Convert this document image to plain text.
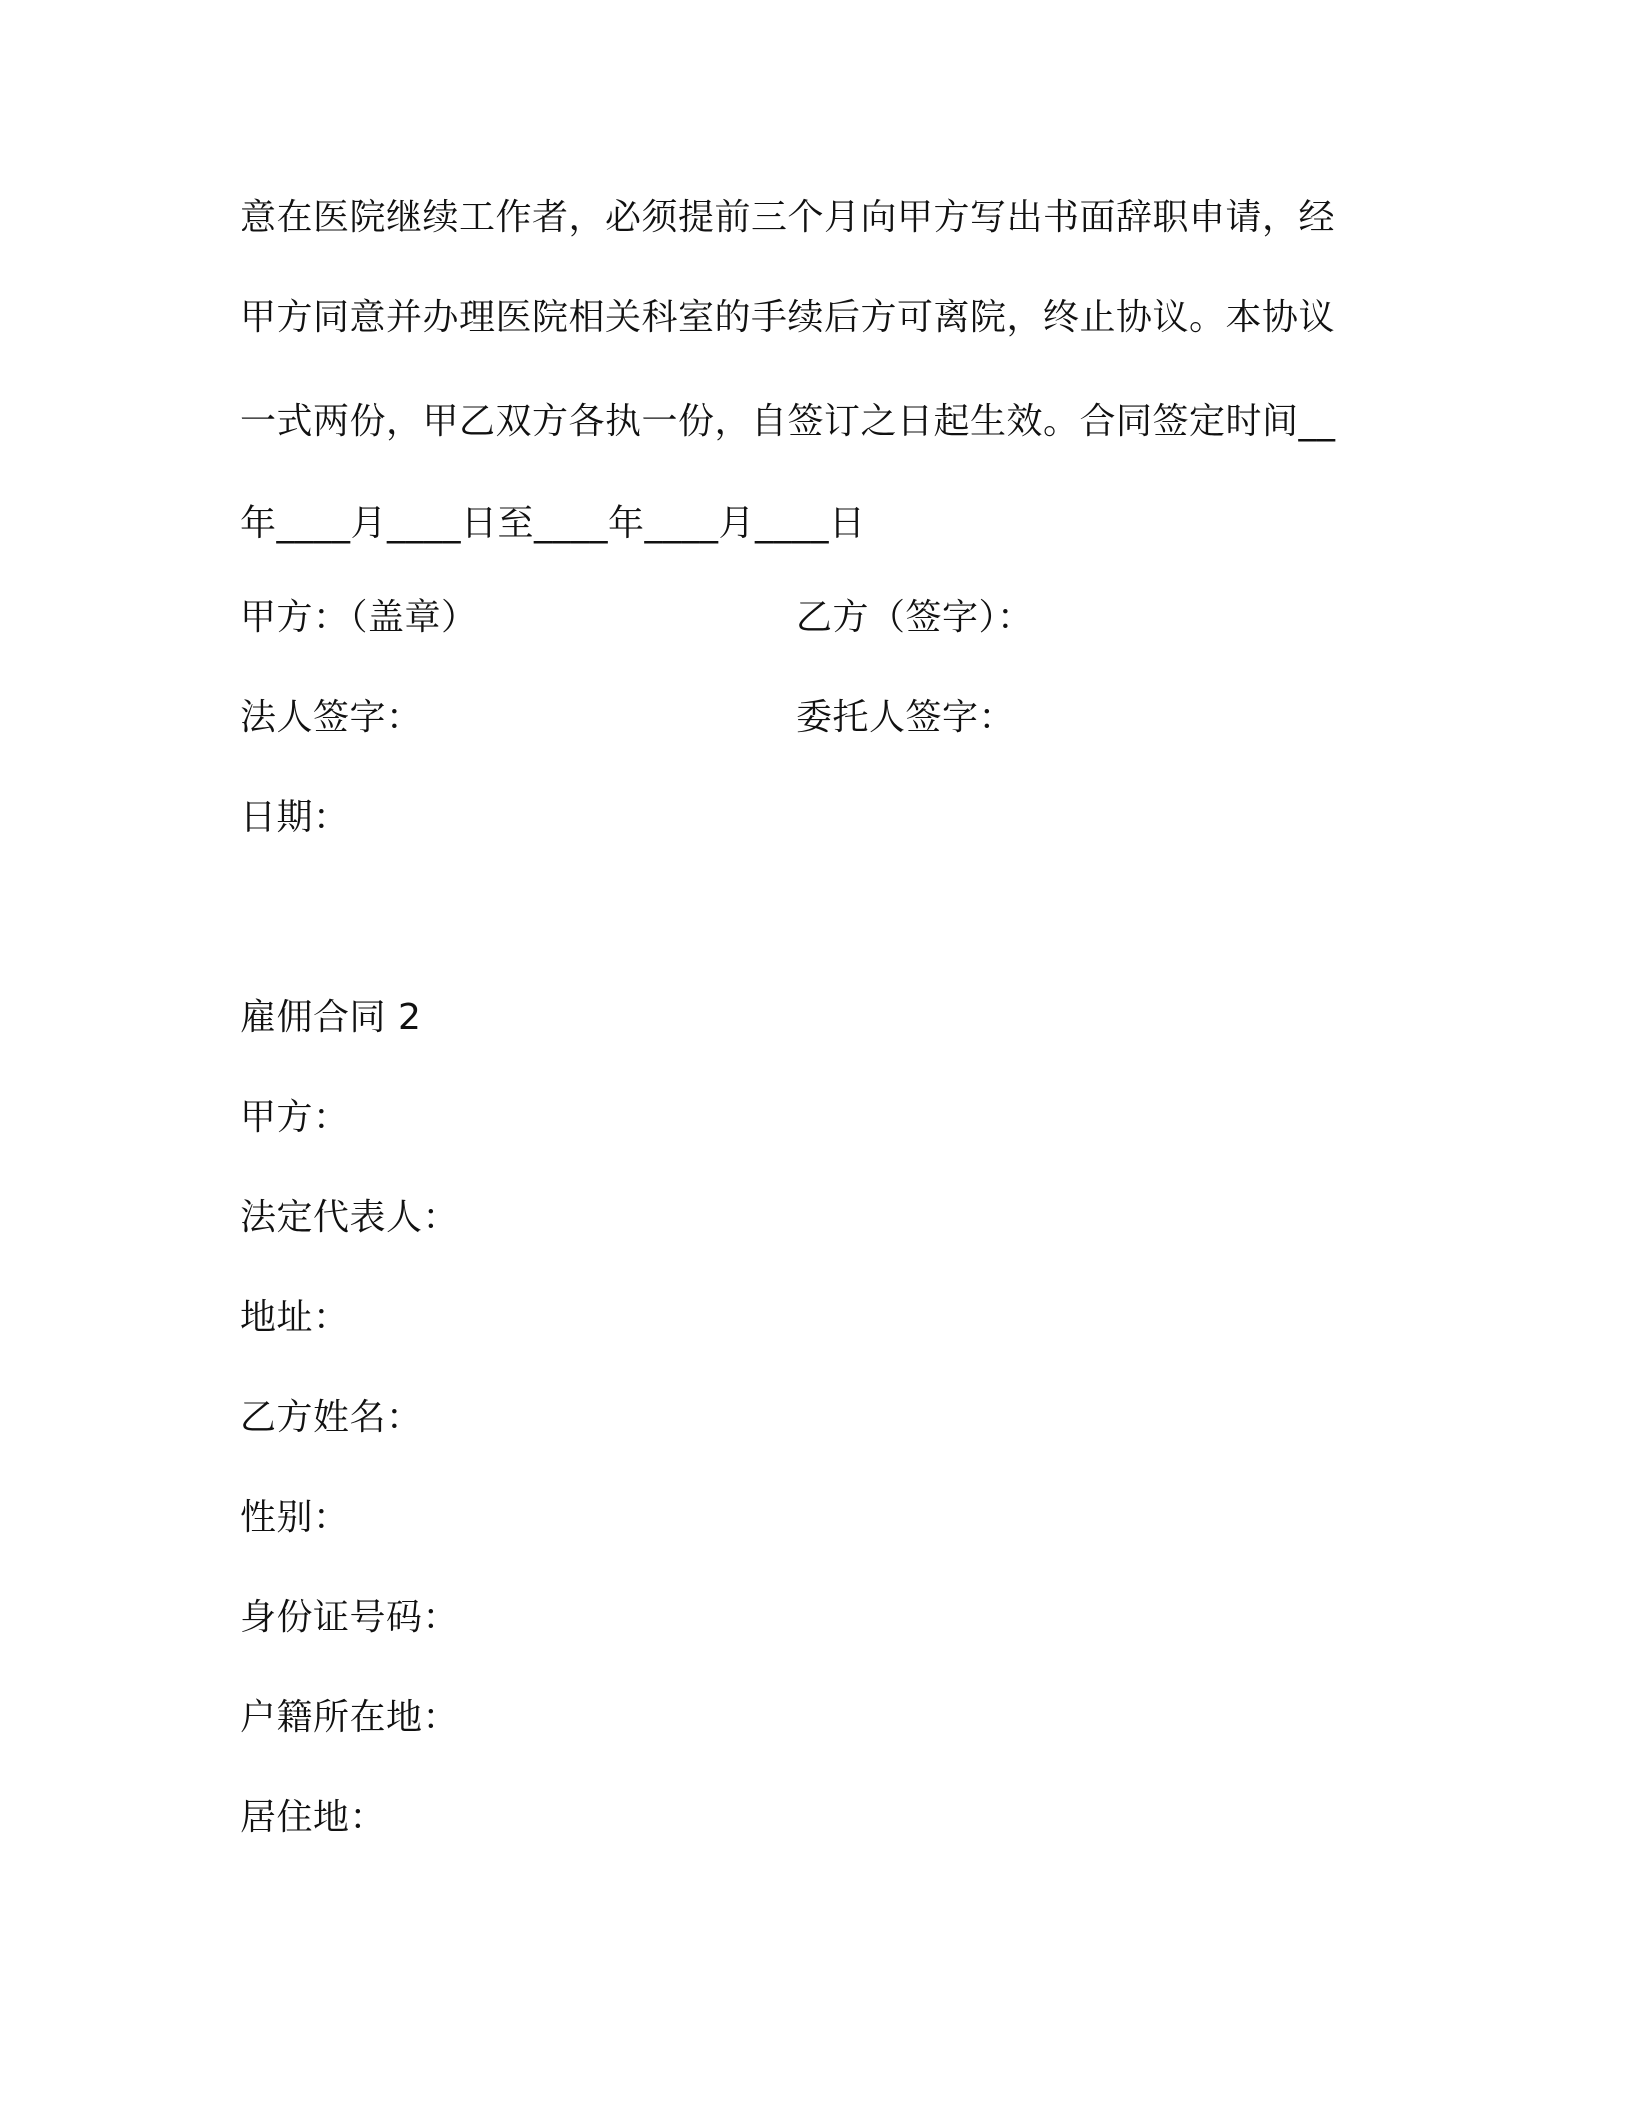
意在医院继续工作者，必须提前三个月向甲方写出书面辞职申请，经
甲方同意并办理医院相关科室的手续后方可离院，终止协议。本协议
一式两份，甲乙双方各执一份，自签订之日起生效。合同签定时间__
年____月____日至____年____月____日
甲方：（盖章）	乙方（签字）：
法人签字：	委托人签字：
日期：
雇佣合同 2
甲方：
法定代表人：
地址：
乙方姓名：
性别：
身份证号码：
户籍所在地：
居住地：
